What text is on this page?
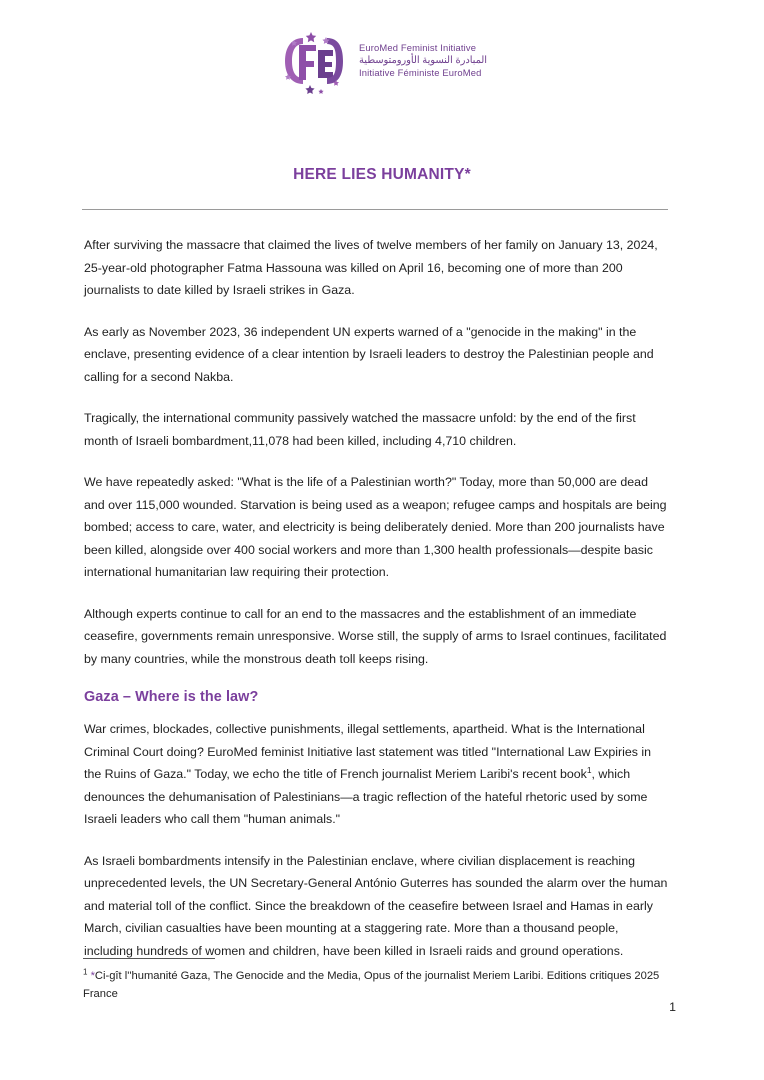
EuroMed Feminist Initiative
المبادرة النسوية الأورومتوسطية
Initiative Féministe EuroMed
HERE LIES HUMANITY*

After surviving the massacre that claimed the lives of twelve members of her family on January 13, 2024, 25-year-old photographer Fatma Hassouna was killed on April 16, becoming one of more than 200 journalists to date killed by Israeli strikes in Gaza.

As early as November 2023, 36 independent UN experts warned of a "genocide in the making" in the enclave, presenting evidence of a clear intention by Israeli leaders to destroy the Palestinian people and calling for a second Nakba.

Tragically, the international community passively watched the massacre unfold: by the end of the first month of Israeli bombardment,11,078 had been killed, including 4,710 children.

We have repeatedly asked: "What is the life of a Palestinian worth?" Today, more than 50,000 are dead and over 115,000 wounded. Starvation is being used as a weapon; refugee camps and hospitals are being bombed; access to care, water, and electricity is being deliberately denied. More than 200 journalists have been killed, alongside over 400 social workers and more than 1,300 health professionals—despite basic international humanitarian law requiring their protection.

Although experts continue to call for an end to the massacres and the establishment of an immediate ceasefire, governments remain unresponsive. Worse still, the supply of arms to Israel continues, facilitated by many countries, while the monstrous death toll keeps rising.

Gaza – Where is the law?

War crimes, blockades, collective punishments, illegal settlements, apartheid. What is the International Criminal Court doing? EuroMed feminist Initiative last statement was titled "International Law Expiries in the Ruins of Gaza." Today, we echo the title of French journalist Meriem Laribi's recent book$^1$, which denounces the dehumanisation of Palestinians—a tragic reflection of the hateful rhetoric used by some Israeli leaders who call them "human animals."

As Israeli bombardments intensify in the Palestinian enclave, where civilian displacement is reaching unprecedented levels, the UN Secretary-General António Guterres has sounded the alarm over the human and material toll of the conflict. Since the breakdown of the ceasefire between Israel and Hamas in early March, civilian casualties have been mounting at a staggering rate. More than a thousand people, including hundreds of women and children, have been killed in Israeli raids and ground operations.

$^1$ *Ci-gît l''humanité Gaza, The Genocide and the Media, Opus of the journalist Meriem Laribi. Editions critiques 2025 France
1
